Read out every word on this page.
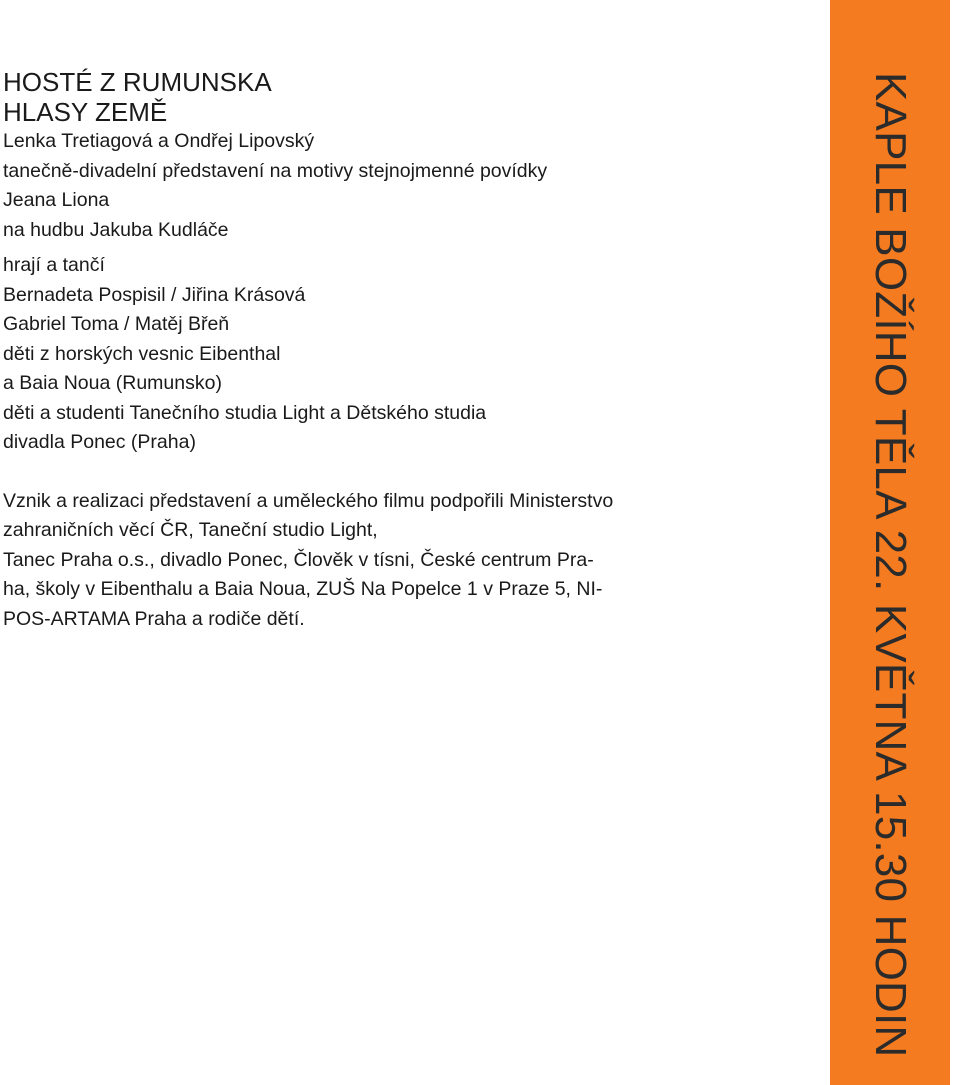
HOSTÉ Z RUMUNSKA
HLASY ZEMĚ
Lenka Tretiagová a Ondřej Lipovský
tanečně-divadelní představení na motivy stejnojmenné povídky
Jeana Liona
na hudbu Jakuba Kudláče
hrají a tančí
Bernadeta Pospisil / Jiřina Krásová
Gabriel Toma / Matěj Břeň
děti z horských vesnic Eibenthal
a Baia Noua (Rumunsko)
děti a studenti Tanečního studia Light a Dětského studia
divadla Ponec (Praha)
Vznik a realizaci představení a uměleckého filmu podpořili Ministerstvo
zahraničních věcí ČR, Taneční studio Light,
Tanec Praha o.s., divadlo Ponec, Člověk v tísni, České centrum Pra-
ha, školy v Eibenthalu a Baia Noua, ZUŠ Na Popelce 1 v Praze 5, NI-
POS-ARTAMA Praha a rodiče dětí.	KAPLE BOŽÍHO TĚLA 22. KVĚTNA 15.30 HODIN
